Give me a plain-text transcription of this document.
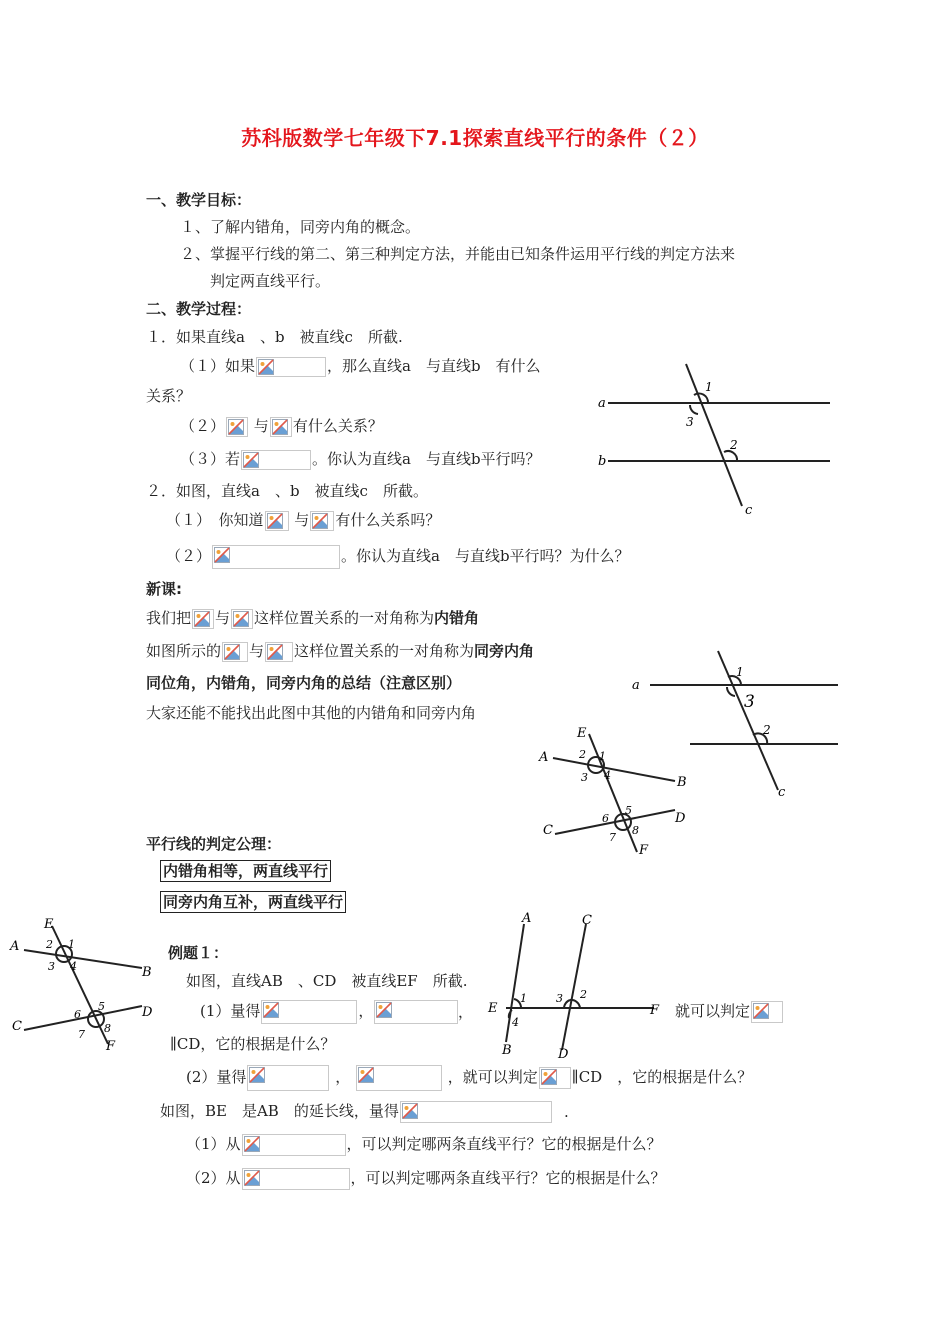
苏科版数学七年级下7.1探索直线平行的条件（２）
一、教学目标：
１、了解内错角，同旁内角的概念。
２、掌握平行线的第二、第三种判定方法，并能由已知条件运用平行线的判定方法来
判定两直线平行。
二、教学过程：
１．如果直线a　、b　被直线c　所截.
（１）如果	，那么直线a　与直线b　有什么
关系？
（２） 与 有什么关系？
（３）若	。你认为直线a　与直线b平行吗？
２．如图，直线a　、b　被直线c　所截。
（１）　你知道 与 有什么关系吗？
（２）	。你认为直线a　与直线b平行吗？为什么？
新课:
我们把 与 这样位置关系的一对角称为内错角
如图所示的 与 这样位置关系的一对角称为同旁内角
同位角，内错角，同旁内角的总结（注意区别）
大家还能不能找出此图中其他的内错角和同旁内角
平行线的判定公理：
内错角相等，两直线平行
同旁内角互补，两直线平行
例题１：
如图，直线AB　、CD　被直线EF　所截.
(1）量得	，	，	就可以判定
∥CD，它的根据是什么？
(2）量得	，	，就可以判定 ∥CD　，它的根据是什么？
如图，BE　是AB　的延长线，量得	.
（1）从	，可以判定哪两条直线平行？它的根据是什么？
（2）从	，可以判定哪两条直线平行？它的根据是什么？
a
b
c
1
3
2
a
c
1
3
2
E
A
B
C
D
F
2 1
3 4
5
6
8
7
E
A
B
C
D
F
2 1
3 4
5
6
8
7
A
B
C
D
E	F
1
4
3 2
